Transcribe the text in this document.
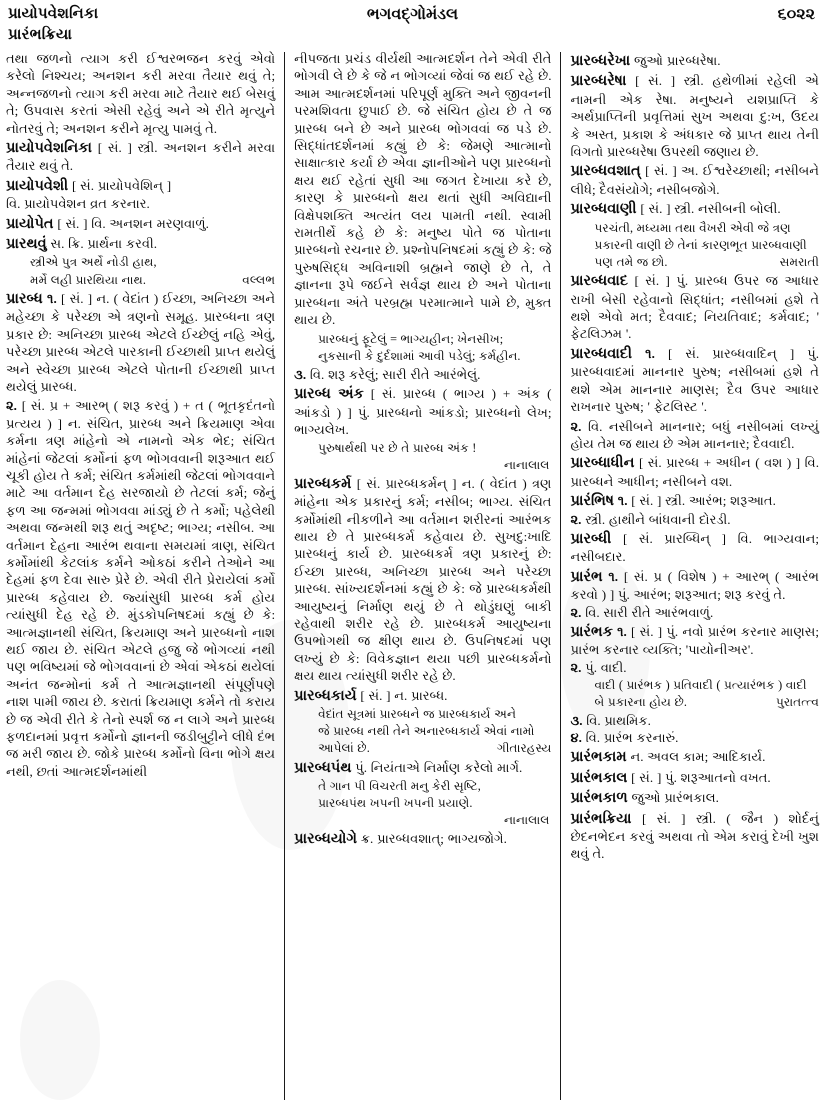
પ્રાયોપવેશનિકા
પ્રારંભક્રિયા
ભગવદ્‌ગોમંડલ	૬૦૨૨

તથા જળનો ત્યાગ કરી ઈશ્વરભજન કરવું એવો કરેલો નિશ્ચય; અનશન કરી મરવા તૈયાર થવું તે; અન્નજળનો ત્યાગ કરી મરવા માટે તૈયાર થઈ બેસવું તે; ઉપવાસ કરતાં એસી રહેવું અને એ રીતે મૃત્યુને નોતરવું તે; અનશન કરીને મૃત્યુ પામવું તે.

પ્રાયોપવેશનિકા [ સં. ] સ્ત્રી. અનશન કરીને મરવા તૈયાર થવું તે.

પ્રાયોપવેશી [ સં. પ્રાયોપવેશિન્ ]
વિ. પ્રાયોપવેશન વ્રત કરનાર.

પ્રાયોપેત [ સં. ] વિ. અનશન મરણવાળું.

પ્રારથવું સ. ક્રિ. પ્રાર્થના કરવી.
સ્ત્રીએ પુત્ર અર્થે નોડી હાથ,
મર્મે લહી પ્રારથિયા નાથ.	વલ્લભ

પ્રારબ્ધ ૧. [ સં. ] ન. ( વેદાંત ) ઈચ્છા, અનિચ્છા અને મહેચ્છા કે પરેચ્છા એ ત્રણનો સમૂહ. પ્રારબ્ધના ત્રણ પ્રકાર છે: અનિચ્છા પ્રારબ્ધ એટલે ઈચ્છેલું નહિ એવું, પરેચ્છા પ્રારબ્ધ એટલે પારકાની ઈચ્છાથી પ્રાપ્ત થયેલું અને સ્વેચ્છા પ્રારબ્ધ એટલે પોતાની ઈચ્છાથી પ્રાપ્ત થયેલું પ્રારબ્ધ.

૨. [ સં. પ્ર + આરભ્ ( શરૂ કરવું ) + ત ( ભૂતકૃદંતનો પ્રત્યય ) ] ન. સંચિત, પ્રારબ્ધ અને ક્રિયમાણ એવા કર્મના ત્રણ માંહેનો એ નામનો એક ભેદ; સંચિત માંહેનાં જેટલાં કર્મોનાં ફળ ભોગવવાની શરૂઆત થઈ ચૂકી હોય તે કર્મ; સંચિત કર્મમાંથી જેટલાં ભોગવવાને માટે આ વર્તમાન દેહ સરજાયો છે તેટલાં કર્મ; જેનું ફળ આ જન્મમાં ભોગવવા માંડ્યું છે તે કર્મો; પહેલેથી અથવા જન્મથી શરૂ થતું અદૃષ્ટ; ભાગ્ય; નસીબ. આ વર્તમાન દેહના આરંભ થવાના સમયમાં ત્રાણ, સંચિત કર્મોમાંથી કેટલાંક કર્મને ઓકઠાં કરીને તેઓને આ દેહમાં ફળ દેવા સારુ પ્રેરે છે. એવી રીતે પ્રેરાયેલાં કર્મો પ્રારબ્ધ કહેવાય છે. જ્યાંસુધી પ્રારબ્ધ કર્મ હોય ત્યાંસુધી દેહ રહે છે. મુંડકોપનિષદમાં કહ્યું છે કે: આત્મજ્ઞાનથી સંચિત, ક્રિયમાણ અને પ્રારબ્ધનો નાશ થઈ જાય છે. સંચિત એટલે હજુ જે ભોગવ્યાં નથી પણ ભવિષ્યમાં જે ભોગવવાનાં છે એવાં એકઠાં થયેલાં અનંત જન્મોનાં કર્મ તે આત્મજ્ઞાનથી સંપૂર્ણપણે નાશ પામી જાય છે. કરાતાં ક્રિયમાણ કર્મને તો કરાય છે જ એવી રીતે કે તેનો સ્પર્શ જ ન લાગે અને પ્રારબ્ધ ફળદાનમાં પ્રવૃત્ત કર્મોનો જ્ઞાનની જડીબુટ્ટીને લીધે દંભ જ મરી જાય છે. જોકે પ્રારબ્ધ કર્મોનો વિના ભોગે ક્ષય નથી, છતાં આત્મદર્શનમાંથી

નીપજતા પ્રચંડ વીર્યથી આત્મદર્શન તેને એવી રીતે ભોગવી લે છે કે જે ન ભોગવ્યાં જેવાં જ થઈ રહે છે. આમ આત્મદર્શનમાં પરિપૂર્ણ મુક્તિ અને જીવનની પરમશિવતા છુપાઈ છે. જે સંચિત હોય છે તે જ પ્રારબ્ધ બને છે અને પ્રારબ્ધ ભોગવવાં જ પડે છે. સિદ્ધાંતદર્શનમાં કહ્યું છે કે: જેમણે આત્માનો સાક્ષાત્કાર કર્યા છે એવા જ્ઞાનીઓને પણ પ્રારબ્ધનો ક્ષય થઈ રહેતાં સુધી આ જગત દેખાયા કરે છે, કારણ કે પ્રારબ્ધનો ક્ષય થતાં સુધી અવિદ્યાની વિક્ષેપશક્તિ અત્યંત લય પામતી નથી. સ્વામી રામતીર્થે કહે છે કે: મનુષ્ય પોતે જ પોતાના પ્રારબ્ધનો રચનાર છે. પ્રશ્નોપનિષદમાં કહ્યું છે કે: જે પુરુષસિદ્ધ અવિનાશી બ્રહ્મને જાણે છે તે, તે જ્ઞાનના રૂપે જઈને સર્વજ્ઞ થાય છે અને પોતાના પ્રારબ્ધના અંતે પરબ્રહ્મ પરમાત્માને પામે છે, મુક્ત થાય છે.

પ્રારબ્ધનું ફૂટેલું = ભાગ્યહીન; ખેનસીખ;
નુકસાની કે દુર્દશામાં આવી પડેલું; કર્મહીન.

૩. વિ. શરૂ કરેલું; સારી રીતે આરંભેલું.

પ્રારબ્ધ અંક [ સં. પ્રારબ્ધ ( ભાગ્ય ) + અંક ( આંકડો ) ] પું. પ્રારબ્ધનો આંકડો; પ્રારબ્ધનો લેખ; ભાગ્યલેખ.
પુરુષાર્થથી પર છે તે પ્રારબ્ધ અંક !
નાનાલાલ

પ્રારબ્ધકર્મ [ સં. પ્રારબ્ધકર્મન્ ] ન. ( વેદાંત ) ત્રણ માંહેના એક પ્રકારનું કર્મ; નસીબ; ભાગ્ય. સંચિત કર્મોમાંથી નીકળીને આ વર્તમાન શરીરનાં આરંભક થાય છે તે પ્રારબ્ધકર્મ કહેવાય છે. સુખદુ:ખાદિ પ્રારબ્ધનું કાર્ય છે. પ્રારબ્ધકર્મ ત્રણ પ્રકારનું છે: ઈચ્છા પ્રારબ્ધ, અનિચ્છા પ્રારબ્ધ અને પરેચ્છા પ્રારબ્ધ. સાંખ્યદર્શનમાં કહ્યું છે કે: જે પ્રારબ્ધકર્મથી આયુષ્યનું નિર્માણ થયું છે તે થોડુંઘણું બાકી રહેવાથી શરીર રહે છે. પ્રારબ્ધકર્મ આયુષ્યના ઉપભોગથી જ ક્ષીણ થાય છે. ઉપનિષદમાં પણ લખ્યું છે કે: વિવેકજ્ઞાન થયા પછી પ્રારબ્ધકર્મનો ક્ષય થાય ત્યાંસુધી શરીર રહે છે.

પ્રારબ્ધકાર્ય [ સં. ] ન. પ્રારબ્ધ.
વેદાંત સૂત્રમાં પ્રારબ્ધને જ પ્રારબ્ધકાર્ય અને
જે પ્રારબ્ધ નથી તેને અનારબ્ધકાર્ય એવાં નામો
આપેલાં છે.	ગીતારહસ્ય

પ્રારબ્ધપંથ પું. નિયંતાએ નિર્માણ કરેલો માર્ગ.
તે ગાન પી વિચરતી મનુ કેરી સૃષ્ટિ,
પ્રારબ્ધપંથ ખપની ખપની પ્રયાણે.
નાનાલાલ

પ્રારબ્ધયોગે ક્ર. પ્રારબ્ધવશાત્; ભાગ્યજોગે.

પ્રારબ્ધરેખા જુઓ પ્રારબ્ધરેષા.

પ્રારબ્ધરેષા [ સં. ] સ્ત્રી. હથેળીમાં રહેલી એ નામની એક રેષા. મનુષ્યને યશપ્રાપ્તિ કે અર્થપ્રાપ્તિની પ્રવૃત્તિમાં સુખ અથવા દુ:ખ, ઉદય કે અસ્ત, પ્રકાશ કે અંધકાર જે પ્રાપ્ત થાય તેની વિગતો પ્રારબ્ધરેષા ઉપરથી જણાય છે.

પ્રારબ્ધવશાત્ [ સં. ] અ. ઈશ્વરેચ્છાથી; નસીબને લીધે; દૈવસંયોગે; નસીબજોગે.

પ્રારબ્ધવાણી [ સં. ] સ્ત્રી. નસીબની બોલી.
પરચંતી, મધ્યમા તથા વૈખરી એવી જે ત્રણ
પ્રકારની વાણી છે તેનાં કારણભૂત પ્રારબ્ધવાણી
પણ તમે જ છો.	સમરાતી

પ્રારબ્ધવાદ [ સં. ] પું. પ્રારબ્ધ ઉપર જ આધાર રાખી બેસી રહેવાનો સિદ્ધાંત; નસીબમાં હશે તે થશે એવો મત; દૈવવાદ; નિયતિવાદ; કર્મવાદ; ' ફેટલિઝમ '.

પ્રારબ્ધવાદી ૧. [ સં. પ્રારબ્ધવાદિન્ ] પું. પ્રારબ્ધવાદમાં માનનાર પુરુષ; નસીબમાં હશે તે થશે એમ માનનાર માણસ; દૈવ ઉપર આધાર રાખનાર પુરુષ; ' ફેટલિસ્ટ '.

૨. વિ. નસીબને માનનાર; બધું નસીબમાં લખ્યું હોય તેમ જ થાય છે એમ માનનાર; દૈવવાદી.

પ્રારબ્ધાધીન [ સં. પ્રારબ્ધ + અધીન ( વશ ) ] વિ. પ્રારબ્ધને આધીન; નસીબને વશ.

પ્રારંભિષ ૧. [ સં. ] સ્ત્રી. આરંભ; શરૂઆત.
૨. સ્ત્રી. હાથીને બાંધવાની દોરડી.

પ્રારબ્ધી [ સં. પ્રારબ્ધિન્ ] વિ. ભાગ્યવાન; નસીબદાર.

પ્રારંભ ૧. [ સં. પ્ર ( વિશેષ ) + આરભ્ ( આરંભ કરવો ) ] પું. આરંભ; શરૂઆત; શરૂ કરવું તે.
૨. વિ. સારી રીતે આરંભવાળું.

પ્રારંભક ૧. [ સં. ] પું. નવો પ્રારંભ કરનાર માણસ; પ્રારંભ કરનાર વ્યક્તિ; 'પાયોનીઅર'.
૨. પું. વાદી.
વાદી ( પ્રારંભક ) પ્રતિવાદી ( પ્રત્યારંભક ) વાદી
બે પ્રકારના હોય છે.	પુરાતત્ત્વ
૩. વિ. પ્રાથમિક.
૪. વિ. પ્રારંભ કરનારું.

પ્રારંભકામ ન. અવલ કામ; આદિકાર્ય.

પ્રારંભકાલ [ સં. ] પું. શરૂઆતનો વખત.

પ્રારંભકાળ જુઓ પ્રારંભકાલ.

પ્રારંભક્રિયા [ સં. ] સ્ત્રી. ( જૈન ) શોર્દનું છેદનભેદન કરવું અથવા તો એમ કરાવું દેખી ખુશ થવું તે.
